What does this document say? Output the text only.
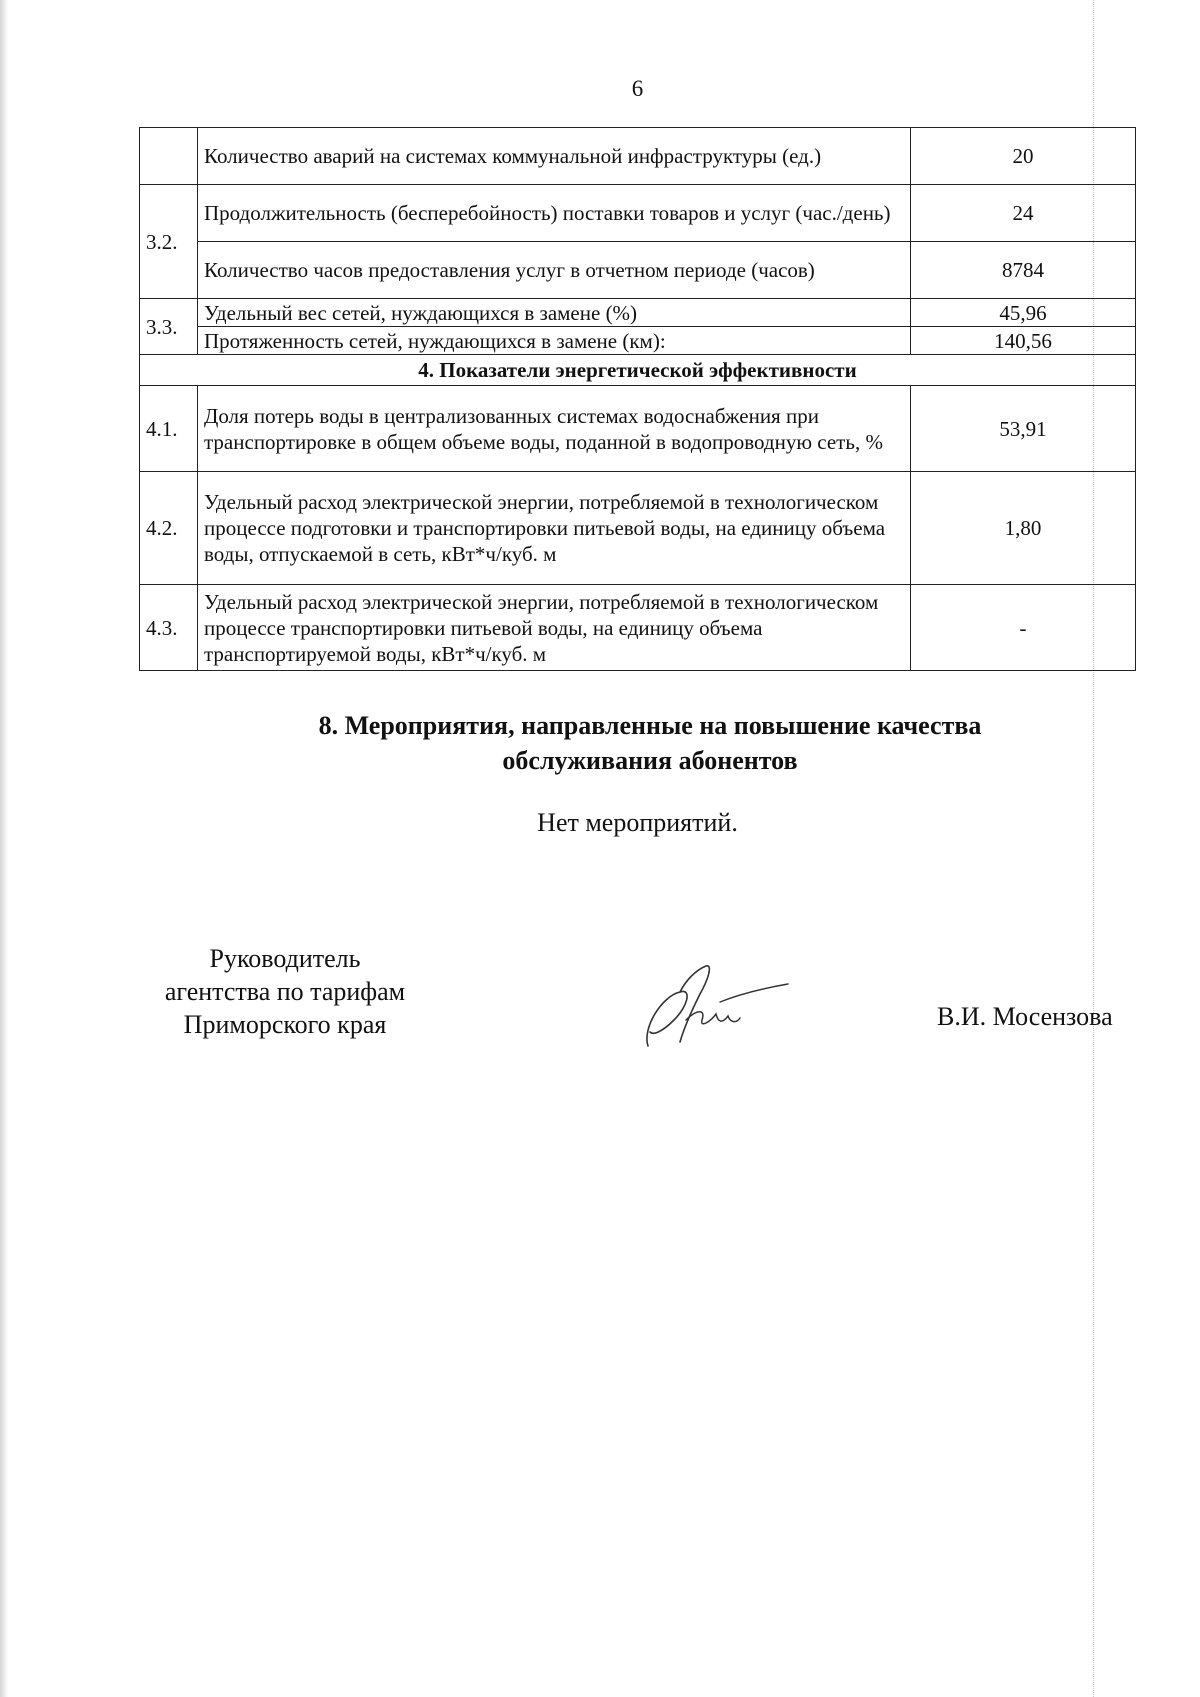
6
	Количество аварий на системах коммунальной инфраструктуры (ед.)	20
3.2.	Продолжительность (бесперебойность) поставки товаров и услуг (час./день)	24
	Количество часов предоставления услуг в отчетном периоде (часов)	8784
3.3.	Удельный вес сетей, нуждающихся в замене (%)	45,96
	Протяженность сетей, нуждающихся в замене (км):	140,56
4. Показатели энергетической эффективности		
4.1.	Доля потерь воды в централизованных системах водоснабжения при транспортировке в общем объеме воды, поданной в водопроводную сеть, %	53,91
4.2.	Удельный расход электрической энергии, потребляемой в технологическом процессе подготовки и транспортировки питьевой воды, на единицу объема воды, отпускаемой в сеть, кВт*ч/куб. м	1,80
4.3.	Удельный расход электрической энергии, потребляемой в технологическом процессе транспортировки питьевой воды, на единицу объема транспортируемой воды, кВт*ч/куб. м	-
8. Мероприятия, направленные на повышение качества
обслуживания абонентов
Нет мероприятий.
Руководитель
агентства по тарифам
Приморского края	В.И. Мосензова
